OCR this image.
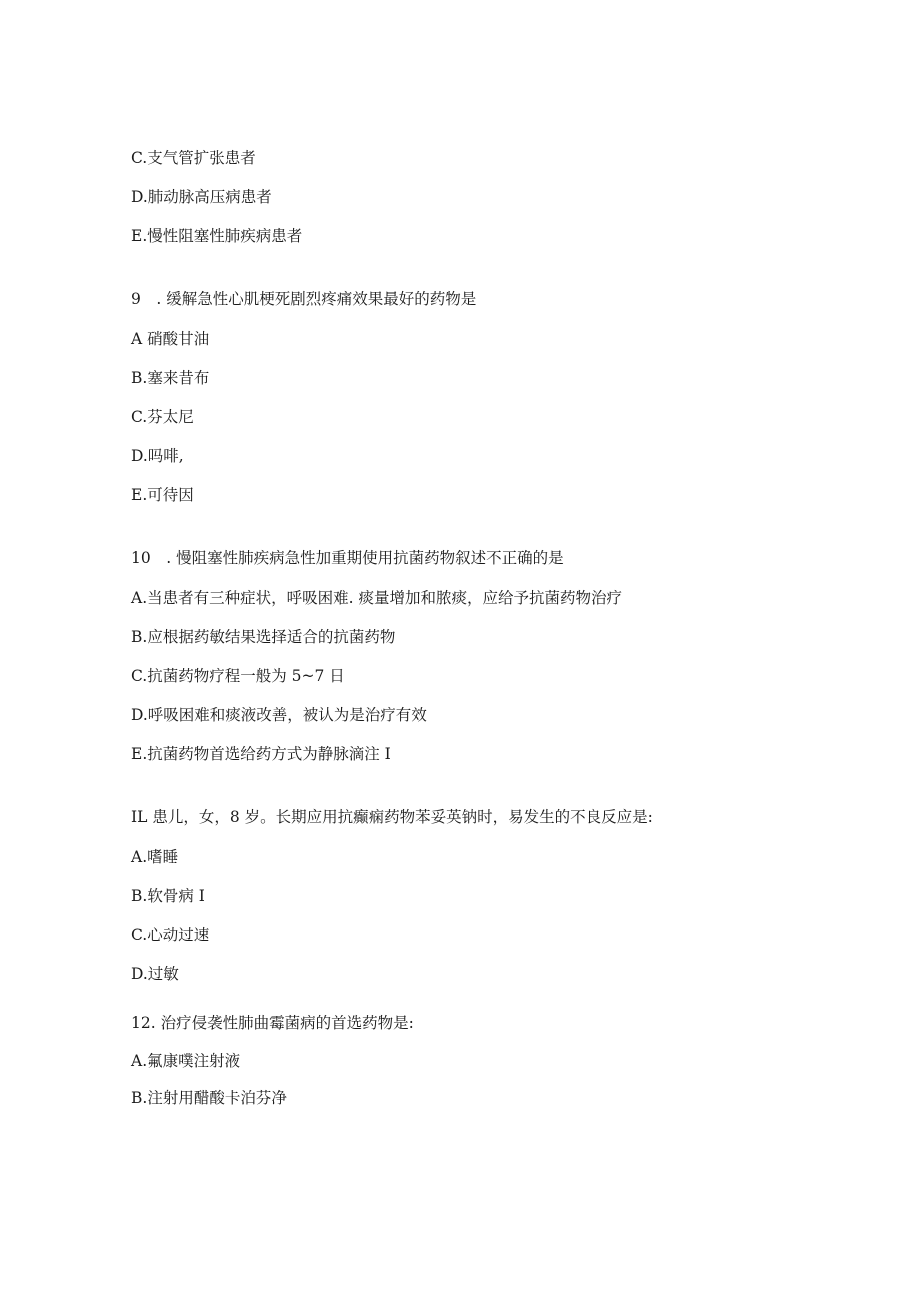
C.支气管扩张患者
D.肺动脉高压病患者
E.慢性阻塞性肺疾病患者
9　. 缓解急性心肌梗死剧烈疼痛效果最好的药物是
A 硝酸甘油
B.塞来昔布
C.芬太尼
D.吗啡,
E.可待因
10　. 慢阻塞性肺疾病急性加重期使用抗菌药物叙述不正确的是
A.当患者有三种症状，呼吸困难. 痰量增加和脓痰，应给予抗菌药物治疗
B.应根据药敏结果选择适合的抗菌药物
C.抗菌药物疗程一般为 5~7 日
D.呼吸困难和痰液改善，被认为是治疗有效
E.抗菌药物首选给药方式为静脉滴注 I
IL 患儿，女，8 岁。长期应用抗癫痫药物苯妥英钠时，易发生的不良反应是:
A.嗜睡
B.软骨病 I
C.心动过速
D.过敏
12. 治疗侵袭性肺曲霉菌病的首选药物是:
A.氟康噗注射液
B.注射用醋酸卡泊芬净
